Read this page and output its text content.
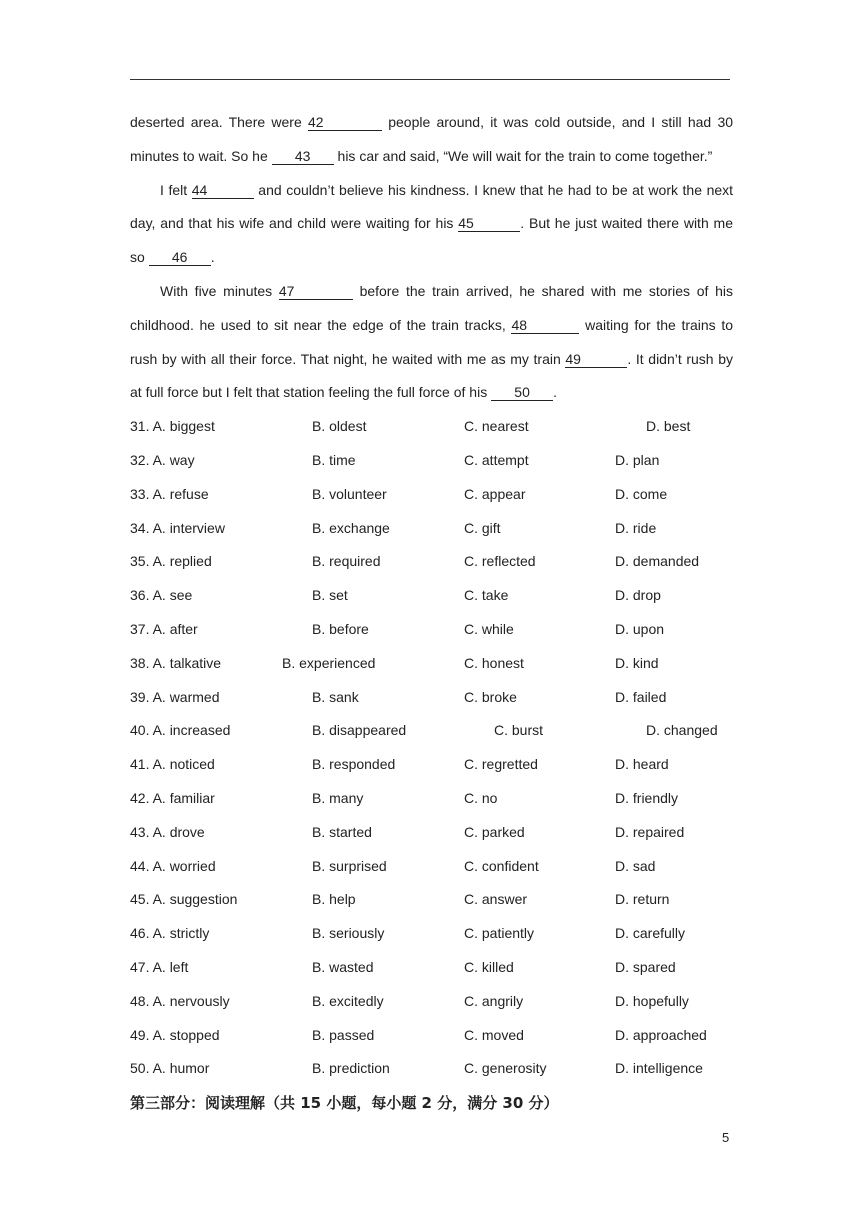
deserted area. There were 42	people around, it was cold outside, and I still had 30
minutes to wait. So he 43 his car and said, “We will wait for the train to come together.”
I felt 44	and couldn’t believe his kindness. I knew that he had to be at work the next
day, and that his wife and child were waiting for his 45	. But he just waited there with me
so 46 .
With five minutes 47	before the train arrived, he shared with me stories of his
childhood. he used to sit near the edge of the train tracks, 48	waiting for the trains to
rush by with all their force. That night, he waited with me as my train 49	. It didn’t rush by
at full force but I felt that station feeling the full force of his 50 .
31. A. biggest	B. oldest	C. nearest	D. best
32. A. way	B. time	C. attempt	D. plan
33. A. refuse	B. volunteer	C. appear	D. come
34. A. interview	B. exchange	C. gift	D. ride
35. A. replied	B. required	C. reflected	D. demanded
36. A. see	B. set	C. take	D. drop
37. A. after	B. before	C. while	D. upon
38. A. talkative	B. experienced	C. honest	D. kind
39. A. warmed	B. sank	C. broke	D. failed
40. A. increased	B. disappeared	C. burst	D. changed
41. A. noticed	B. responded	C. regretted	D. heard
42. A. familiar	B. many	C. no	D. friendly
43. A. drove	B. started	C. parked	D. repaired
44. A. worried	B. surprised	C. confident	D. sad
45. A. suggestion	B. help	C. answer	D. return
46. A. strictly	B. seriously	C. patiently	D. carefully
47. A. left	B. wasted	C. killed	D. spared
48. A. nervously	B. excitedly	C. angrily	D. hopefully
49. A. stopped	B. passed	C. moved	D. approached
50. A. humor	B. prediction	C. generosity	D. intelligence
第三部分：阅读理解（共 15 小题，每小题 2 分，满分 30 分）
5
